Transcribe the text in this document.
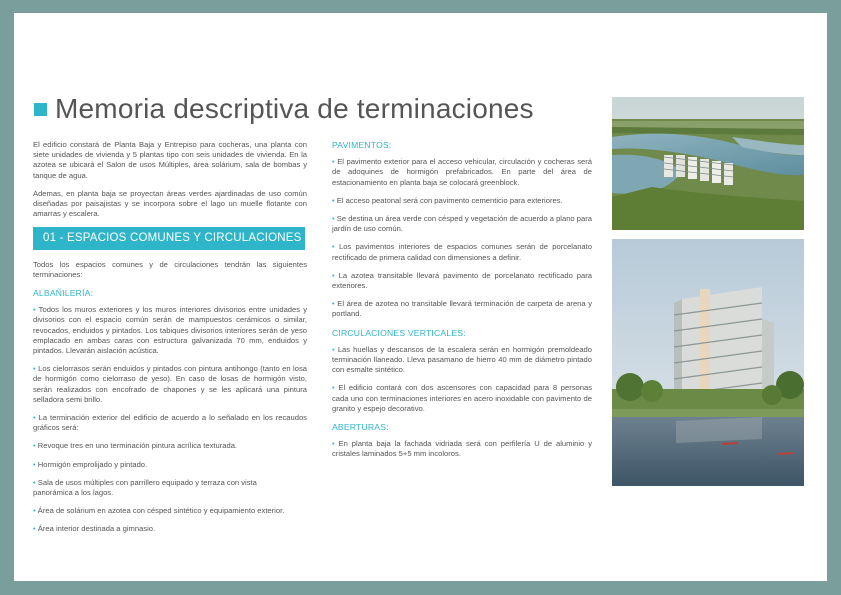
Memoria descriptiva de terminaciones

El edificio constará de Planta Baja y Entrepiso para cocheras, una planta con siete unidades de vivienda y 5 plantas tipo con seis unidades de vivienda. En la azotea se ubicará el Salon de usos Múltiples, área solárium, sala de bombas y tanque de agua.

Ademas, en planta baja se proyectan áreas verdes ajardinadas de uso común diseñadas por paisajistas y se incorpora sobre el lago un muelle flotante con amarras y escalera.

01 - ESPACIOS COMUNES Y CIRCULACIONES

Todos los espacios comunes y de circulaciones tendrán las siguientes terminaciones:

ALBAÑILERÍA:

• Todos los muros exteriores y los muros interiores divisorios entre unidades y divisorios con el espacio común serán de mampuestos cerámicos o similar, revocados, enduidos y pintados. Los tabiques divisorios interiores serán de yeso emplacado en ambas caras con estructura galvanizada 70 mm, enduidos y pintados. Llevarán aislación acústica.

• Los cielorrasos serán enduidos y pintados con pintura antihongo (tanto en losa de hormigón como cielorraso de yeso). En caso de losas de hormigón visto, serán realizados con encofrado de chapones y se les aplicará una pintura selladora semi brillo.

• La terminación exterior del edificio de acuerdo a lo señalado en los recaudos gráficos será:

• Revoque tres en uno terminación pintura acrílica texturada.

• Hormigón emprolijado y pintado.

• Sala de usos múltiples con parrillero equipado y terraza con vista panorámica a los lagos.

• Área de solárium en azotea con césped sintético y equipamiento exterior.

• Área interior destinada a gimnasio.

PAVIMENTOS:

• El pavimento exterior para el acceso vehicular, circulación y cocheras será de adoquines de hormigón prefabricados. En parte del área de estacionamiento en planta baja se colocará greenblock.

• El acceso peatonal será con pavimento cementicio para exteriores.

• Se destina un área verde con césped y vegetación de acuerdo a plano para jardín de uso común.

• Los pavimentos interiores de espacios comunes serán de porcelanato rectificado de primera calidad con dimensiones a definir.

• La azotea transitable llevará pavimento de porcelanato rectificado para exteriores.

• El área de azotea no transitable llevará terminación de carpeta de arena y portland.

CIRCULACIONES VERTICALES:

• Las huellas y descansos de la escalera serán en hormigón premoldeado terminación llaneado. Lleva pasamano de hierro 40 mm de diámetro pintado con esmalte sintético.

• El edificio contará con dos ascensores con capacidad para 8 personas cada uno con terminaciones interiores en acero inoxidable con pavimento de granito y espejo decorativo.

ABERTURAS:

• En planta baja la fachada vidriada será con perfilería U de aluminio y cristales laminados 5+5 mm incoloros.
